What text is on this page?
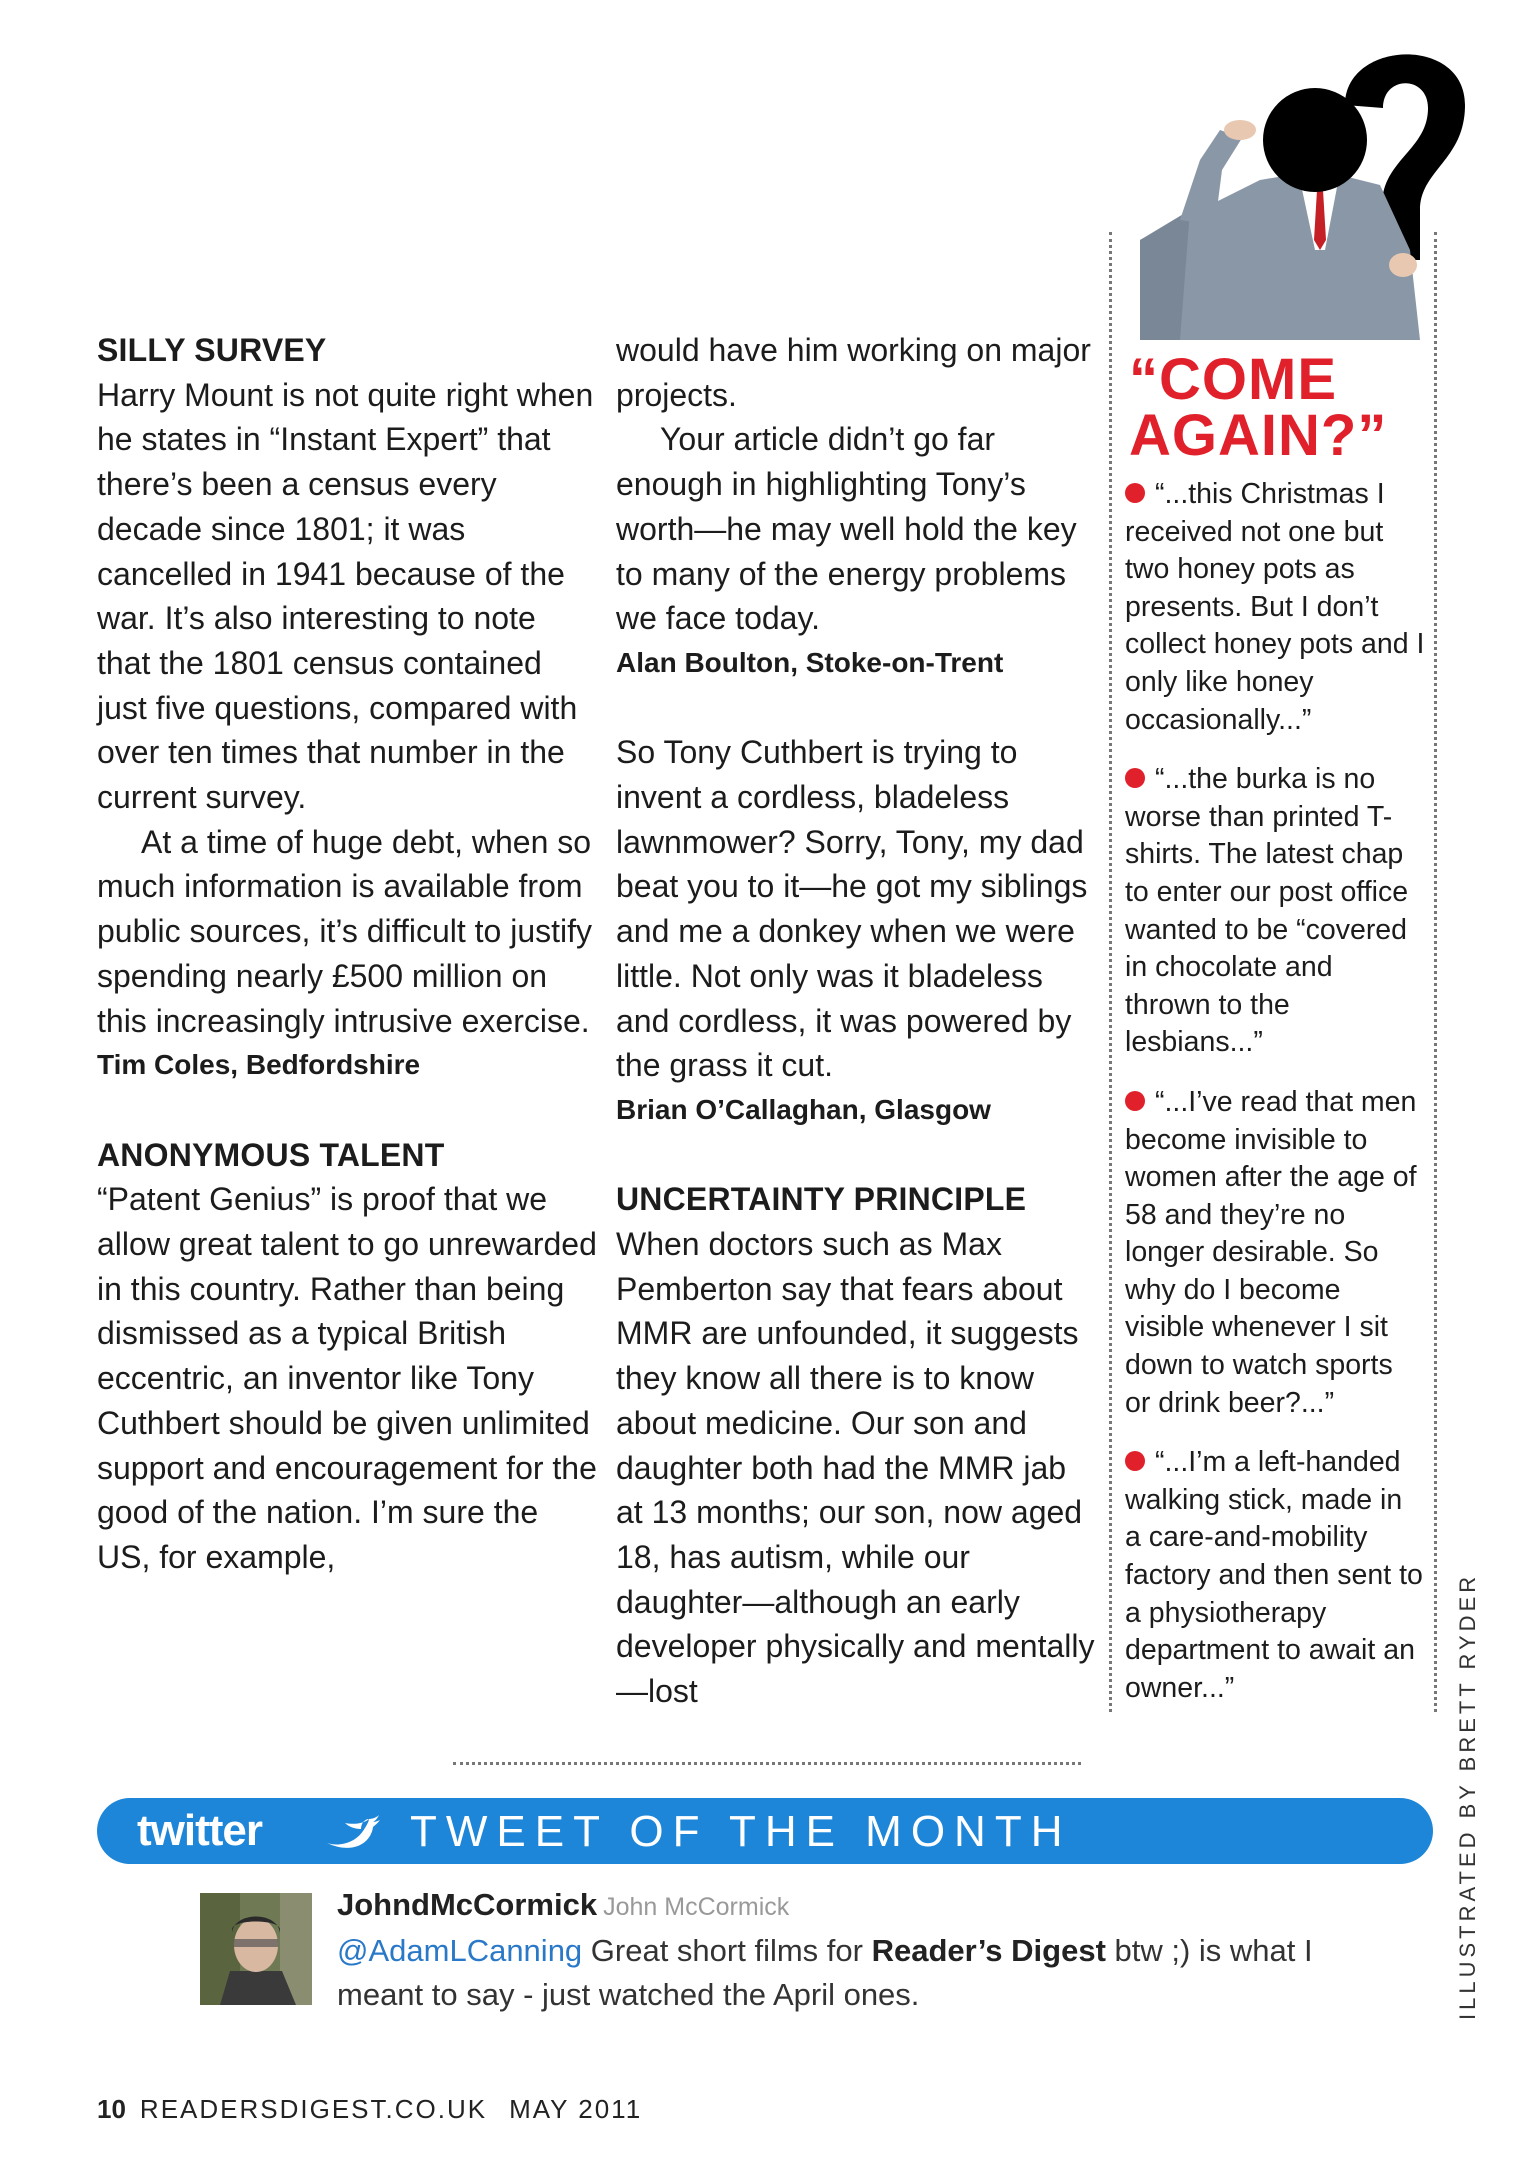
SILLY SURVEY

Harry Mount is not quite right when he states in “Instant Expert” that there’s been a census every decade since 1801; it was cancelled in 1941 because of the war. It’s also interesting to note that the 1801 census contained just five questions, compared with over ten times that number in the current survey.

At a time of huge debt, when so much information is available from public sources, it’s difficult to justify spending nearly £500 million on this increasingly intrusive exercise.

Tim Coles, Bedfordshire

ANONYMOUS TALENT

“Patent Genius” is proof that we allow great talent to go unrewarded in this country. Rather than being dismissed as a typical British eccentric, an inventor like Tony Cuthbert should be given unlimited support and encouragement for the good of the nation. I’m sure the US, for example,

would have him working on major projects.

Your article didn’t go far enough in highlighting Tony’s worth—he may well hold the key to many of the energy problems we face today.

Alan Boulton, Stoke-on-Trent

So Tony Cuthbert is trying to invent a cordless, bladeless lawnmower? Sorry, Tony, my dad beat you to it—he got my siblings and me a donkey when we were little. Not only was it bladeless and cordless, it was powered by the grass it cut.

Brian O’Callaghan, Glasgow

UNCERTAINTY PRINCIPLE

When doctors such as Max Pemberton say that fears about MMR are unfounded, it suggests they know all there is to know about medicine. Our son and daughter both had the MMR jab at 13 months; our son, now aged 18, has autism, while our daughter—although an early developer physically and mentally—lost

“COME
AGAIN?”

“...this Christmas I received not one but two honey pots as presents. But I don’t collect honey pots and I only like honey occasionally...”

“...the burka is no worse than printed T-shirts. The latest chap to enter our post office wanted to be “covered in chocolate and thrown to the lesbians...”

“...I’ve read that men become invisible to women after the age of 58 and they’re no longer desirable. So why do I become visible whenever I sit down to watch sports or drink beer?...”

“...I’m a left-handed walking stick, made in a care-and-mobility factory and then sent to a physiotherapy department to await an owner...”

twitter	TWEET OF THE MONTH
JohndMcCormick John McCormick
@AdamLCanning Great short films for Reader’s Digest btw ;) is what I meant to say - just watched the April ones.	ILLUSTRATED BY BRETT RYDER
10 READERSDIGEST.CO.UK MAY 2011
